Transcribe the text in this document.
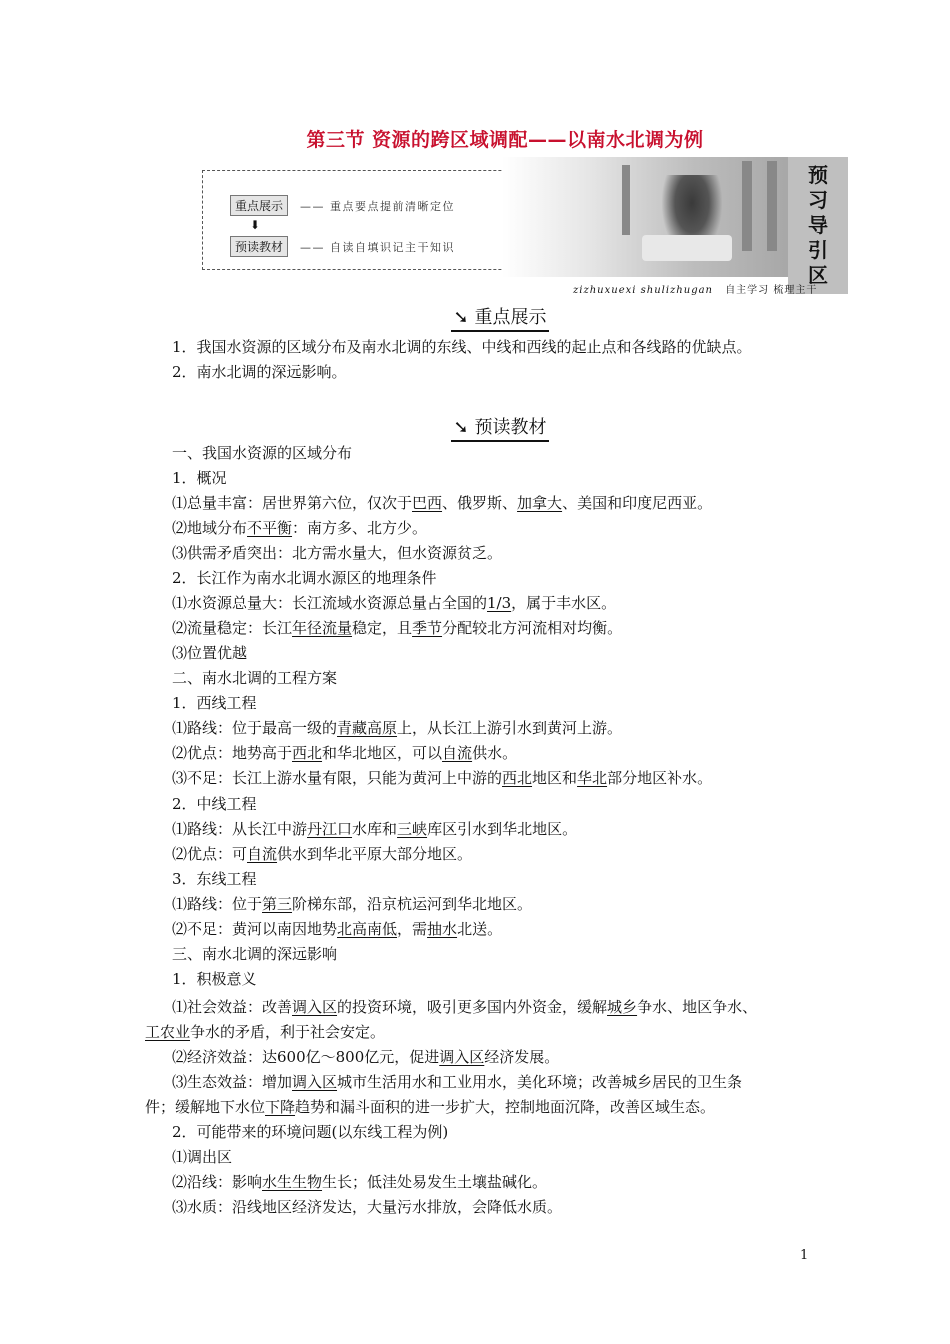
第三节 资源的跨区域调配——以南水北调为例
重点展示	—— 重点要点提前清晰定位
⬇
预读教材	—— 自读自填识记主干知识
预
习
导
引
区
zizhuxuexi shulizhugan 自主学习 梳理主干
➘ 重点展示
1．我国水资源的区域分布及南水北调的东线、中线和西线的起止点和各线路的优缺点。
2．南水北调的深远影响。
➘ 预读教材
一、我国水资源的区域分布
1．概况
⑴总量丰富：居世界第六位，仅次于巴西、俄罗斯、加拿大、美国和印度尼西亚。
⑵地域分布不平衡：南方多、北方少。
⑶供需矛盾突出：北方需水量大，但水资源贫乏。
2．长江作为南水北调水源区的地理条件
⑴水资源总量大：长江流域水资源总量占全国的1/3，属于丰水区。
⑵流量稳定：长江年径流量稳定，且季节分配较北方河流相对均衡。
⑶位置优越
二、南水北调的工程方案
1．西线工程
⑴路线：位于最高一级的青藏高原上，从长江上游引水到黄河上游。
⑵优点：地势高于西北和华北地区，可以自流供水。
⑶不足：长江上游水量有限，只能为黄河上中游的西北地区和华北部分地区补水。
2．中线工程
⑴路线：从长江中游丹江口水库和三峡库区引水到华北地区。
⑵优点：可自流供水到华北平原大部分地区。
3．东线工程
⑴路线：位于第三阶梯东部，沿京杭运河到华北地区。
⑵不足：黄河以南因地势北高南低，需抽水北送。
三、南水北调的深远影响
1．积极意义
⑴社会效益：改善调入区的投资环境，吸引更多国内外资金，缓解城乡争水、地区争水、
工农业争水的矛盾，利于社会安定。
⑵经济效益：达600亿～800亿元，促进调入区经济发展。
⑶生态效益：增加调入区城市生活用水和工业用水，美化环境；改善城乡居民的卫生条
件；缓解地下水位下降趋势和漏斗面积的进一步扩大，控制地面沉降，改善区域生态。
2．可能带来的环境问题(以东线工程为例)
⑴调出区
⑵沿线：影响水生生物生长；低洼处易发生土壤盐碱化。
⑶水质：沿线地区经济发达，大量污水排放，会降低水质。
1
